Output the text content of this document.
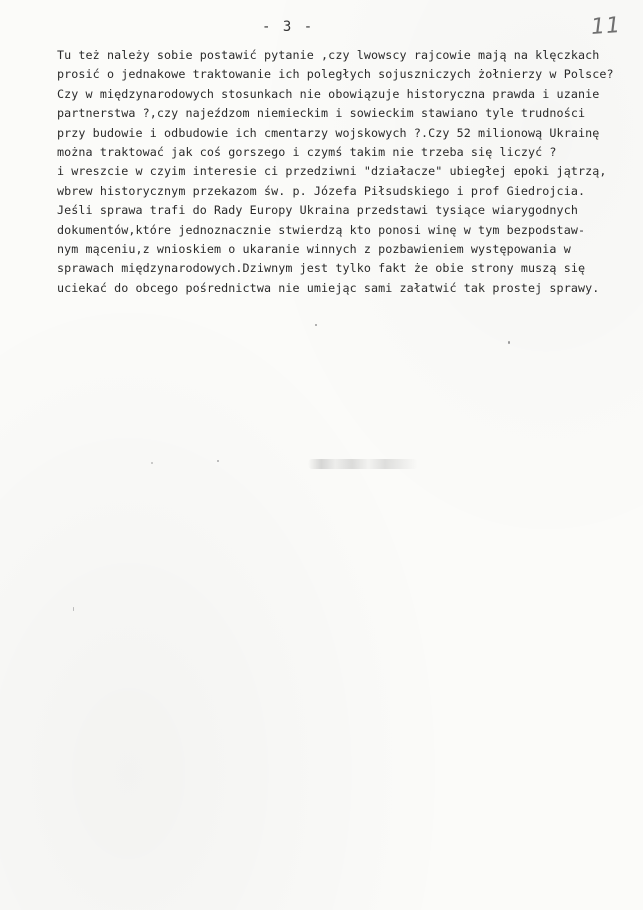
- 3 -	11
Tu też należy sobie postawić pytanie ,czy lwowscy rajcowie mają na klęczkach
prosić o jednakowe traktowanie ich poległych sojuszniczych żołnierzy w Polsce?
Czy w międzynarodowych stosunkach nie obowiązuje historyczna prawda i uzanie
partnerstwa ?,czy najeźdzom niemieckim i sowieckim stawiano tyle trudności
przy budowie i odbudowie ich cmentarzy wojskowych ?.Czy 52 milionową Ukrainę
można traktować jak coś gorszego i czymś takim nie trzeba się liczyć ?
i wreszcie w czyim interesie ci przedziwni "działacze" ubiegłej epoki jątrzą,
wbrew historycznym przekazom św. p. Józefa Piłsudskiego i prof Giedrojcia.
Jeśli sprawa trafi do Rady Europy Ukraina przedstawi tysiące wiarygodnych
dokumentów,które jednoznacznie stwierdzą kto ponosi winę w tym bezpodstaw-
nym mąceniu,z wnioskiem o ukaranie winnych z pozbawieniem występowania w
sprawach międzynarodowych.Dziwnym jest tylko fakt że obie strony muszą się
uciekać do obcego pośrednictwa nie umiejąc sami załatwić tak prostej sprawy.
